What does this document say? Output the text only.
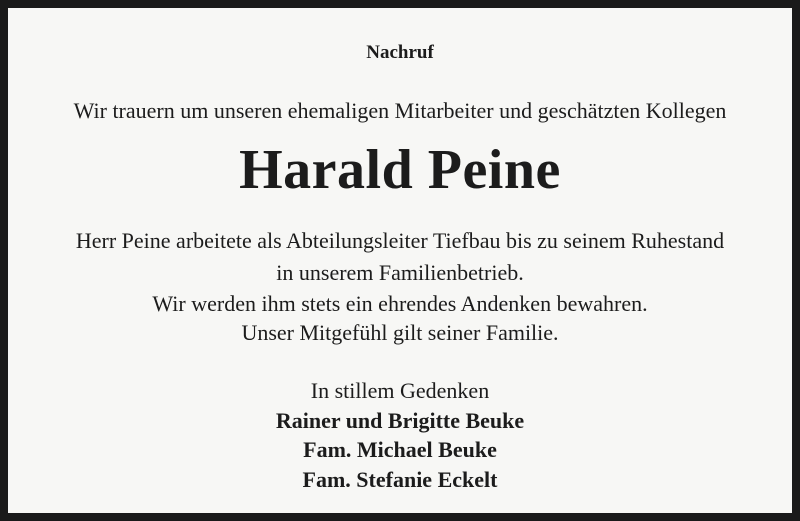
Nachruf
Wir trauern um unseren ehemaligen Mitarbeiter und geschätzten Kollegen
Harald Peine
Herr Peine arbeitete als Abteilungsleiter Tiefbau bis zu seinem Ruhestand
in unserem Familienbetrieb.
Wir werden ihm stets ein ehrendes Andenken bewahren.
Unser Mitgefühl gilt seiner Familie.
In stillem Gedenken
Rainer und Brigitte Beuke
Fam. Michael Beuke
Fam. Stefanie Eckelt
